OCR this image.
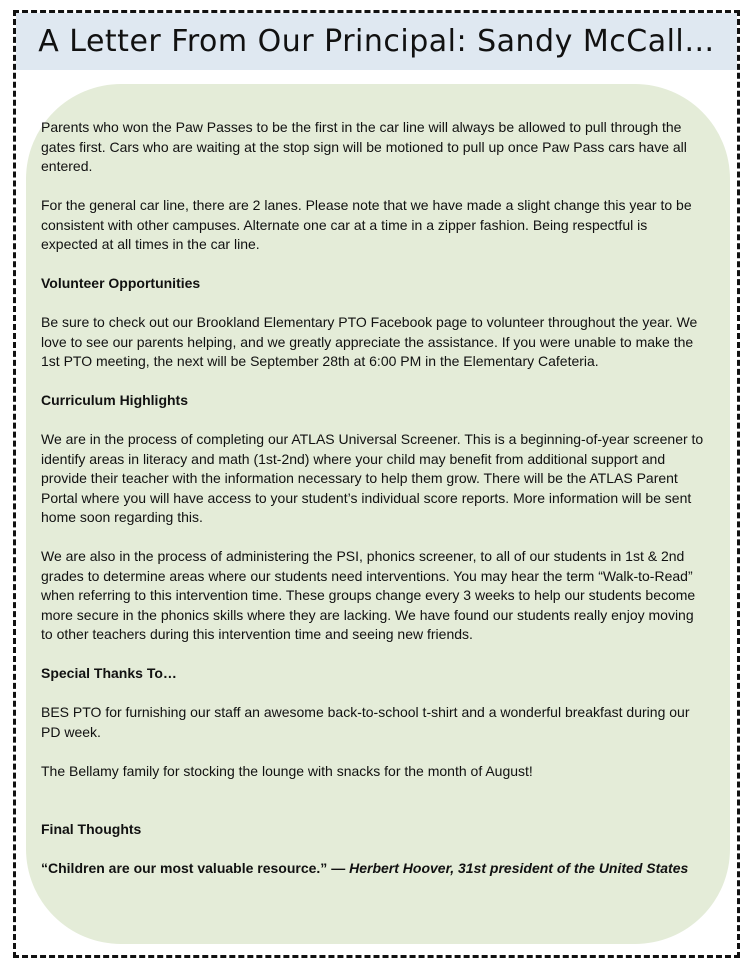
A Letter From Our Principal: Sandy McCall…

Parents who won the Paw Passes to be the first in the car line will always be allowed to pull through the gates first. Cars who are waiting at the stop sign will be motioned to pull up once Paw Pass cars have all entered.

For the general car line, there are 2 lanes. Please note that we have made a slight change this year to be consistent with other campuses. Alternate one car at a time in a zipper fashion. Being respectful is expected at all times in the car line.

Volunteer Opportunities

Be sure to check out our Brookland Elementary PTO Facebook page to volunteer throughout the year. We love to see our parents helping, and we greatly appreciate the assistance. If you were unable to make the 1st PTO meeting, the next will be September 28th at 6:00 PM in the Elementary Cafeteria.

Curriculum Highlights

We are in the process of completing our ATLAS Universal Screener. This is a beginning-of-year screener to identify areas in literacy and math (1st-2nd) where your child may benefit from additional support and provide their teacher with the information necessary to help them grow. There will be the ATLAS Parent Portal where you will have access to your student’s individual score reports. More information will be sent home soon regarding this.

We are also in the process of administering the PSI, phonics screener, to all of our students in 1st & 2nd grades to determine areas where our students need interventions. You may hear the term “Walk-to-Read” when referring to this intervention time. These groups change every 3 weeks to help our students become more secure in the phonics skills where they are lacking. We have found our students really enjoy moving to other teachers during this intervention time and seeing new friends.

Special Thanks To…

BES PTO for furnishing our staff an awesome back-to-school t-shirt and a wonderful breakfast during our PD week.

The Bellamy family for stocking the lounge with snacks for the month of August!

Final Thoughts

“Children are our most valuable resource.” — Herbert Hoover, 31st president of the United States
